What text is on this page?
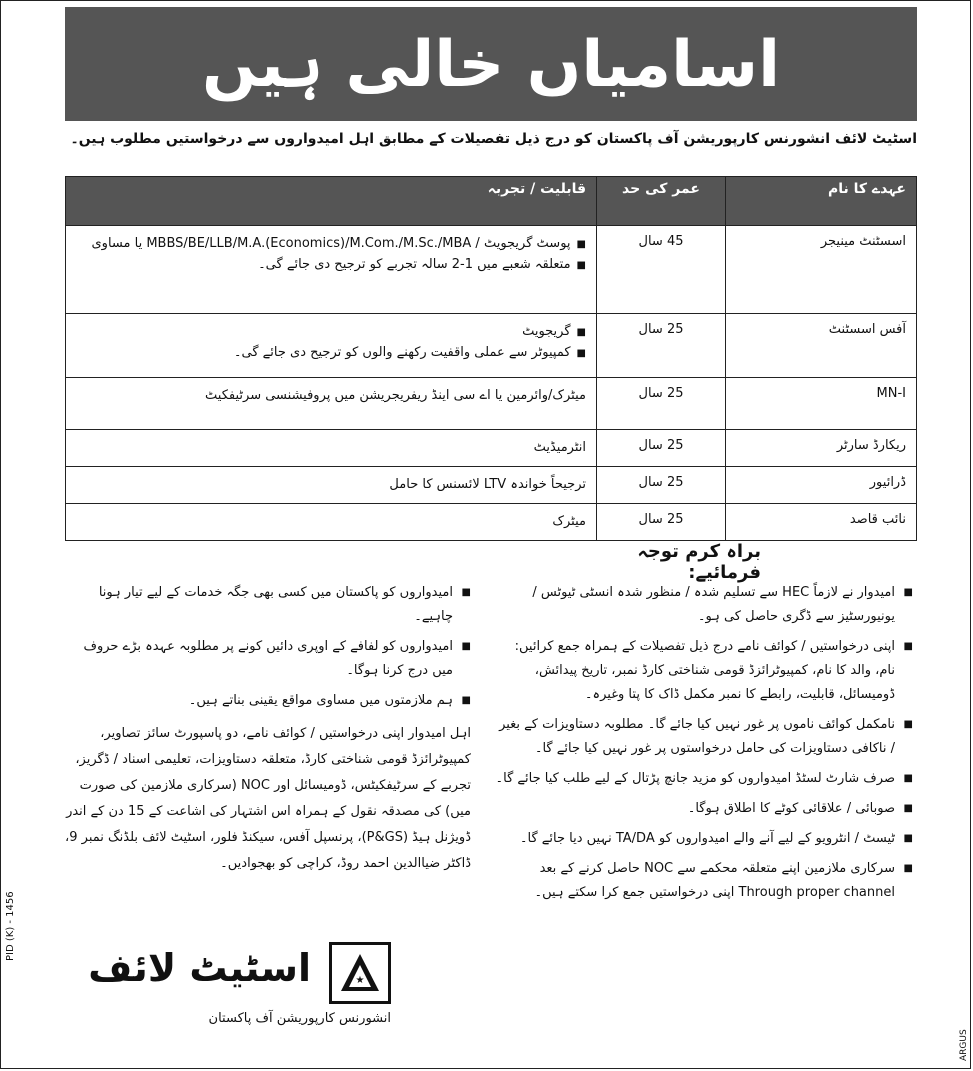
اسامیاں خالی ہیں
اسٹیٹ لائف انشورنس کارپوریشن آف پاکستان کو درج ذیل تفصیلات کے مطابق اہل امیدواروں سے درخواستیں مطلوب ہیں۔
عہدے کا نام	عمر کی حد	قابلیت / تجربہ
اسسٹنٹ مینیجر	45 سال	■ پوسٹ گریجویٹ / MBBS/BE/LLB/M.A.(Economics)/M.Com./M.Sc./MBA یا مساوی
■ متعلقہ شعبے میں 1-2 سالہ تجربے کو ترجیح دی جائے گی۔

آفس اسسٹنٹ	25 سال	■ گریجویٹ
■ کمپیوٹر سے عملی واقفیت رکھنے والوں کو ترجیح دی جائے گی۔

MN-I	25 سال	میٹرک/وائرمین یا اے سی اینڈ ریفریجریشن میں پروفیشنسی سرٹیفکیٹ

ریکارڈ سارٹر	25 سال	انٹرمیڈیٹ

ڈرائیور	25 سال	ترجیحاً خواندہ LTV لائسنس کا حامل

نائب قاصد	25 سال	میٹرک
براہ کرم توجہ فرمائیے:
■ امیدوار نے لازماً HEC سے تسلیم شدہ / منظور شدہ انسٹی ٹیوٹس / یونیورسٹیز سے ڈگری حاصل کی ہو۔
■ اپنی درخواستیں / کوائف نامے درج ذیل تفصیلات کے ہمراہ جمع کرائیں: نام، والد کا نام، کمپیوٹرائزڈ قومی شناختی کارڈ نمبر، تاریخ پیدائش، ڈومیسائل، قابلیت، رابطے کا نمبر مکمل ڈاک کا پتا وغیرہ۔
■ نامکمل کوائف ناموں پر غور نہیں کیا جائے گا۔ مطلوبہ دستاویزات کے بغیر / ناکافی دستاویزات کی حامل درخواستوں پر غور نہیں کیا جائے گا۔
■ صرف شارٹ لسٹڈ امیدواروں کو مزید جانچ پڑتال کے لیے طلب کیا جائے گا۔
■ صوبائی / علاقائی کوٹے کا اطلاق ہوگا۔
■ ٹیسٹ / انٹرویو کے لیے آنے والے امیدواروں کو TA/DA نہیں دیا جائے گا۔
■ سرکاری ملازمین اپنے متعلقہ محکمے سے NOC حاصل کرنے کے بعد Through proper channel اپنی درخواستیں جمع کرا سکتے ہیں۔
■ امیدواروں کو پاکستان میں کسی بھی جگہ خدمات کے لیے تیار ہونا چاہیے۔
■ امیدواروں کو لفافے کے اوپری دائیں کونے پر مطلوبہ عہدہ بڑے حروف میں درج کرنا ہوگا۔
■ ہم ملازمتوں میں مساوی مواقع یقینی بناتے ہیں۔
اہل امیدوار اپنی درخواستیں / کوائف نامے، دو پاسپورٹ سائز تصاویر، کمپیوٹرائزڈ قومی شناختی کارڈ، متعلقہ دستاویزات، تعلیمی اسناد / ڈگریز، تجربے کے سرٹیفکیٹس، ڈومیسائل اور NOC (سرکاری ملازمین کی صورت میں) کی مصدقہ نقول کے ہمراہ اس اشتہار کی اشاعت کے 15 دن کے اندر ڈویژنل ہیڈ (P&GS)، پرنسپل آفس، سیکنڈ فلور، اسٹیٹ لائف بلڈنگ نمبر 9، ڈاکٹر ضیاالدین احمد روڈ، کراچی کو بھجوادیں۔
★
اسٹیٹ لائف
انشورنس کارپوریشن آف پاکستان
PID (K) - 1456
ARGUS
